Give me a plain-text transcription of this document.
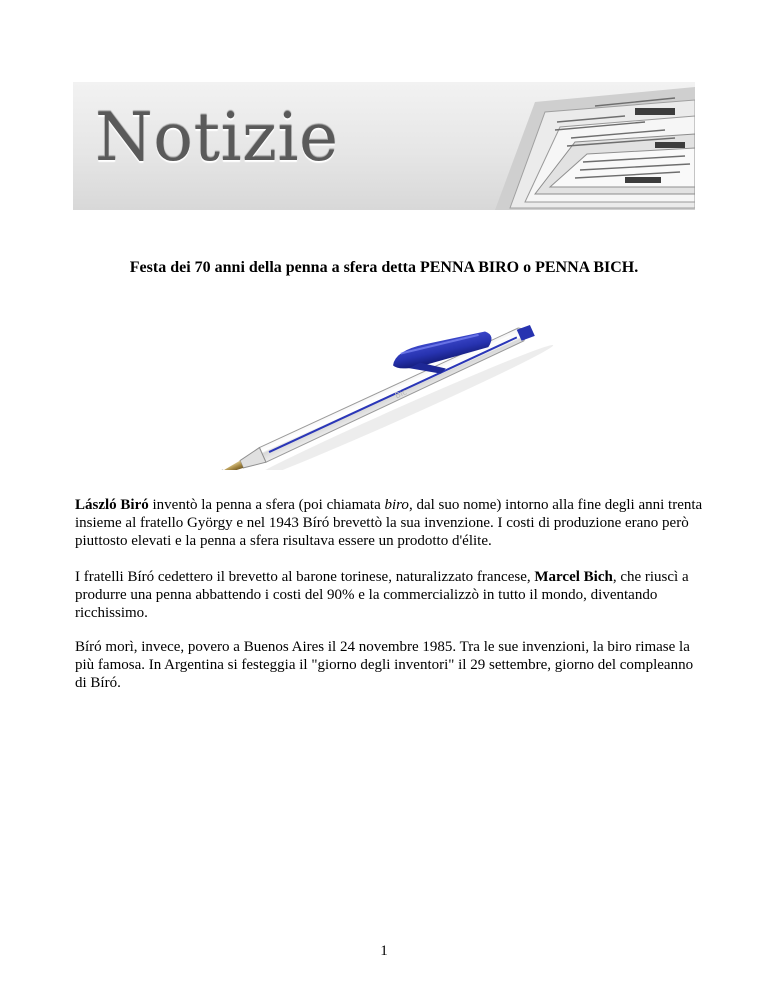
Notizie
Festa dei 70 anni della penna a sfera detta PENNA BIRO o PENNA BICH.
Bic

László Biró inventò la penna a sfera (poi chiamata biro, dal suo nome) intorno alla fine degli anni trenta insieme al fratello György e nel 1943 Bíró brevettò la sua invenzione. I costi di produzione erano però piuttosto elevati e la penna a sfera risultava essere un prodotto d'élite.

I fratelli Bíró cedettero il brevetto al barone torinese, naturalizzato francese, Marcel Bich, che riuscì a produrre una penna abbattendo i costi del 90% e la commercializzò in tutto il mondo, diventando ricchissimo.

Bíró morì, invece, povero a Buenos Aires il 24 novembre 1985. Tra le sue invenzioni, la biro rimase la più famosa. In Argentina si festeggia il "giorno degli inventori" il 29 settembre, giorno del compleanno di Bíró.

1
